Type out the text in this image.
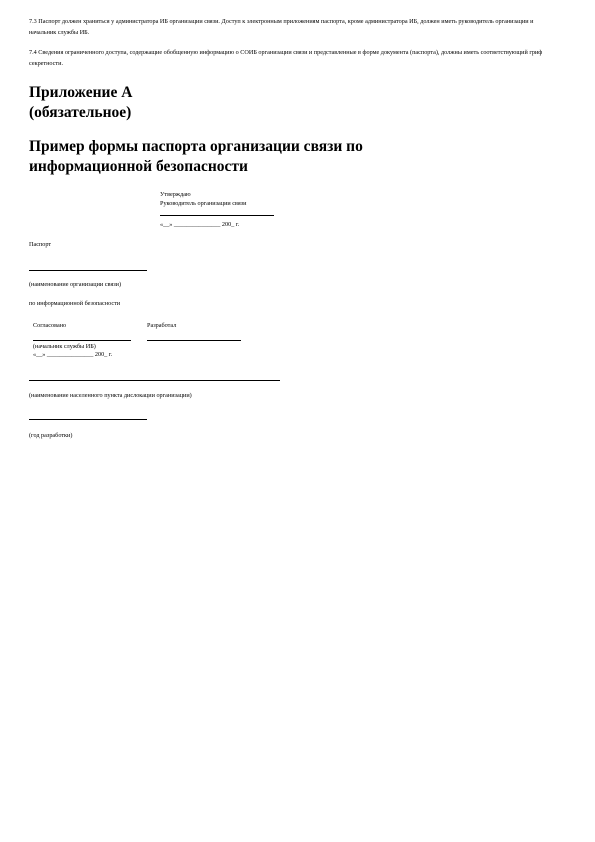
7.3 Паспорт должен храниться у администратора ИБ организации связи. Доступ к электронным приложениям паспорта, кроме администратора ИБ, должен иметь руководитель организации и начальник службы ИБ.
7.4 Сведения ограниченного доступа, содержащие обобщенную информацию о СОИБ организации связи и представленные в форме документа (паспорта), должны иметь соответствующий гриф секретности.
Приложение А
(обязательное)
Пример формы паспорта организации связи по
информационной безопасности
Утверждаю
Руководитель организации связи
«__» _______________ 200_ г.
Паспорт
(наименование организации связи)
по информационной безопасности
Согласовано	Разработал
(начальник службы ИБ)
«__» _______________ 200_ г.
(наименование населенного пункта дислокации организации)
(год разработки)
